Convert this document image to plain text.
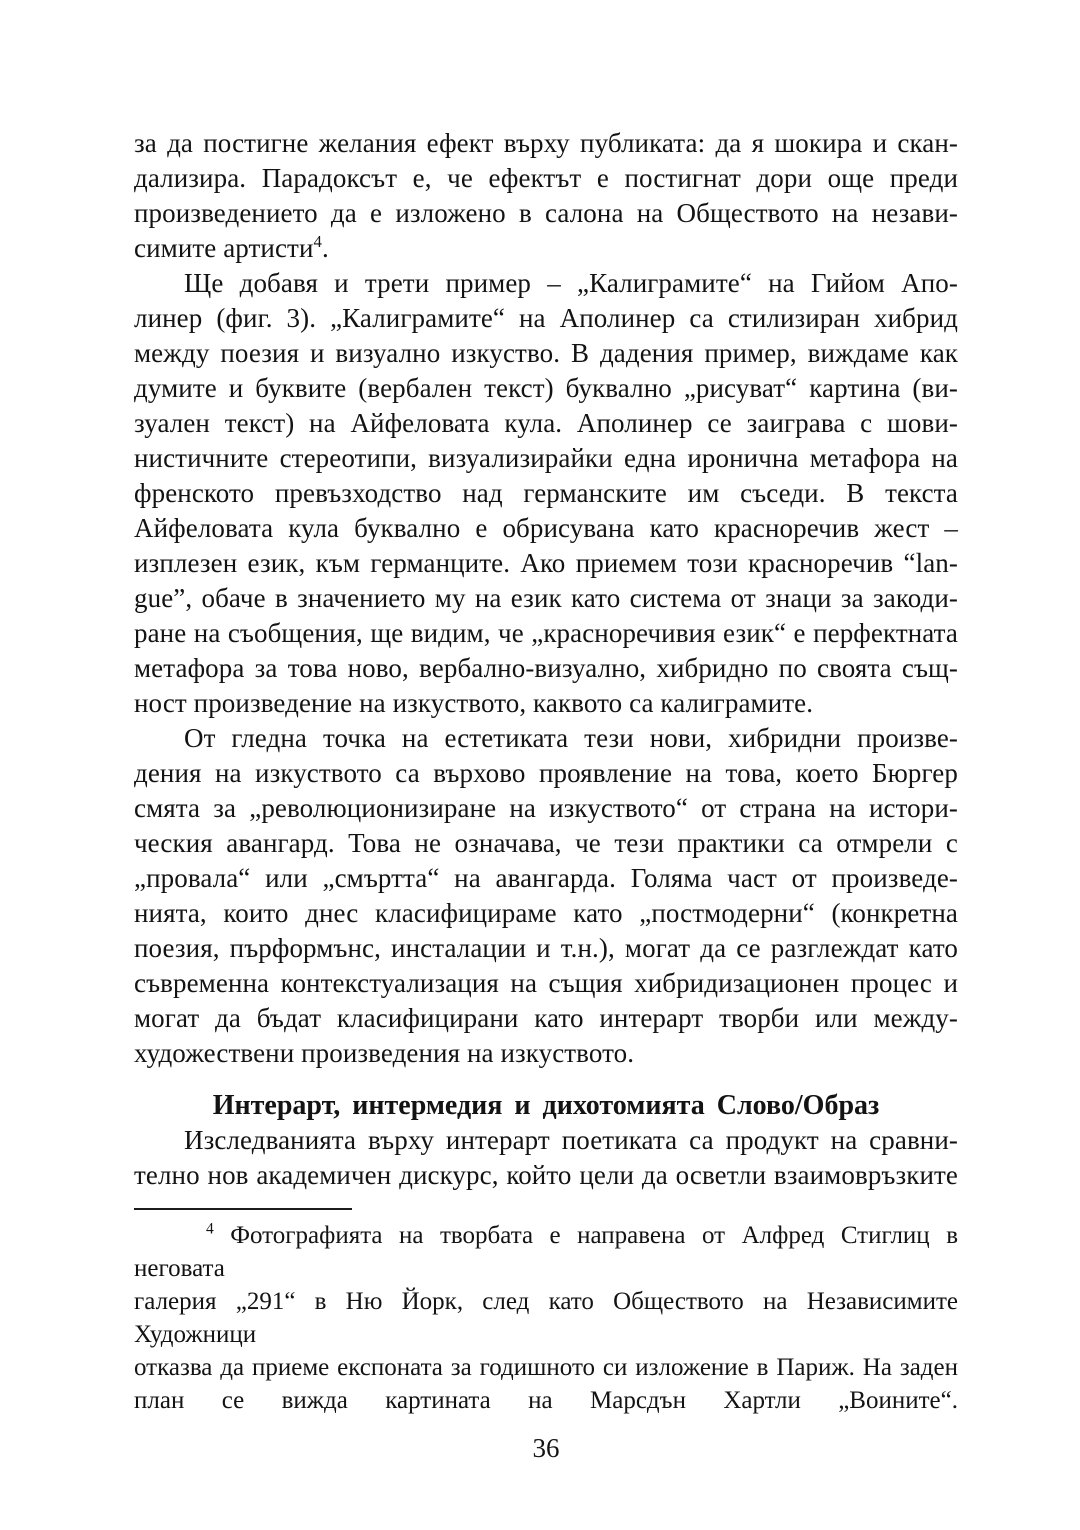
за да постигне желания ефект върху публиката: да я шокира и скан-
дализира. Парадоксът е, че ефектът е постигнат дори още преди
произведението да е изложено в салона на Обществото на незави-
симите артисти$^4$.
Ще добавя и трети пример – „Калиграмите“ на Гийом Апо-
линер (фиг. 3). „Калиграмите“ на Аполинер са стилизиран хибрид
между поезия и визуално изкуство. В дадения пример, виждаме как
думите и буквите (вербален текст) буквално „рисуват“ картина (ви-
зуален текст) на Айфеловата кула. Аполинер се заиграва с шови-
нистичните стереотипи, визуализирайки една иронична метафора на
френското превъзходство над германските им съседи. В текста
Айфеловата кула буквално е обрисувана като красноречив жест –
изплезен език, към германците. Ако приемем този красноречив “lan-
gue”, обаче в значението му на език като система от знаци за закоди-
ране на съобщения, ще видим, че „красноречивия език“ е перфектната
метафора за това ново, вербално-визуално, хибридно по своята същ-
ност произведение на изкуството, каквото са калиграмите.
От гледна точка на естетиката тези нови, хибридни произве-
дения на изкуството са върхово проявление на това, което Бюргер
смята за „революционизиране на изкуството“ от страна на истори-
ческия авангард. Това не означава, че тези практики са отмрели с
„провала“ или „смъртта“ на авангарда. Голяма част от произведе-
нията, които днес класифицираме като „постмодерни“ (конкретна
поезия, пърформънс, инсталации и т.н.), могат да се разглеждат като
съвременна контекстуализация на същия хибридизационен процес и
могат да бъдат класифицирани като интерарт творби или между-
художествени произведения на изкуството.
Интерарт, интермедия и дихотомията Слово/Образ
Изследванията върху интерарт поетиката са продукт на сравни-
телно нов академичен дискурс, който цели да осветли взаимовръзките
$^4$ Фотографията на творбата е направена от Алфред Стиглиц в неговата
галерия „291“ в Ню Йорк, след като Обществото на Независимите Художници
отказва да приеме експоната за годишното си изложение в Париж. На заден
план се вижда картината на Марсдън Хартли „Воините“.
36
